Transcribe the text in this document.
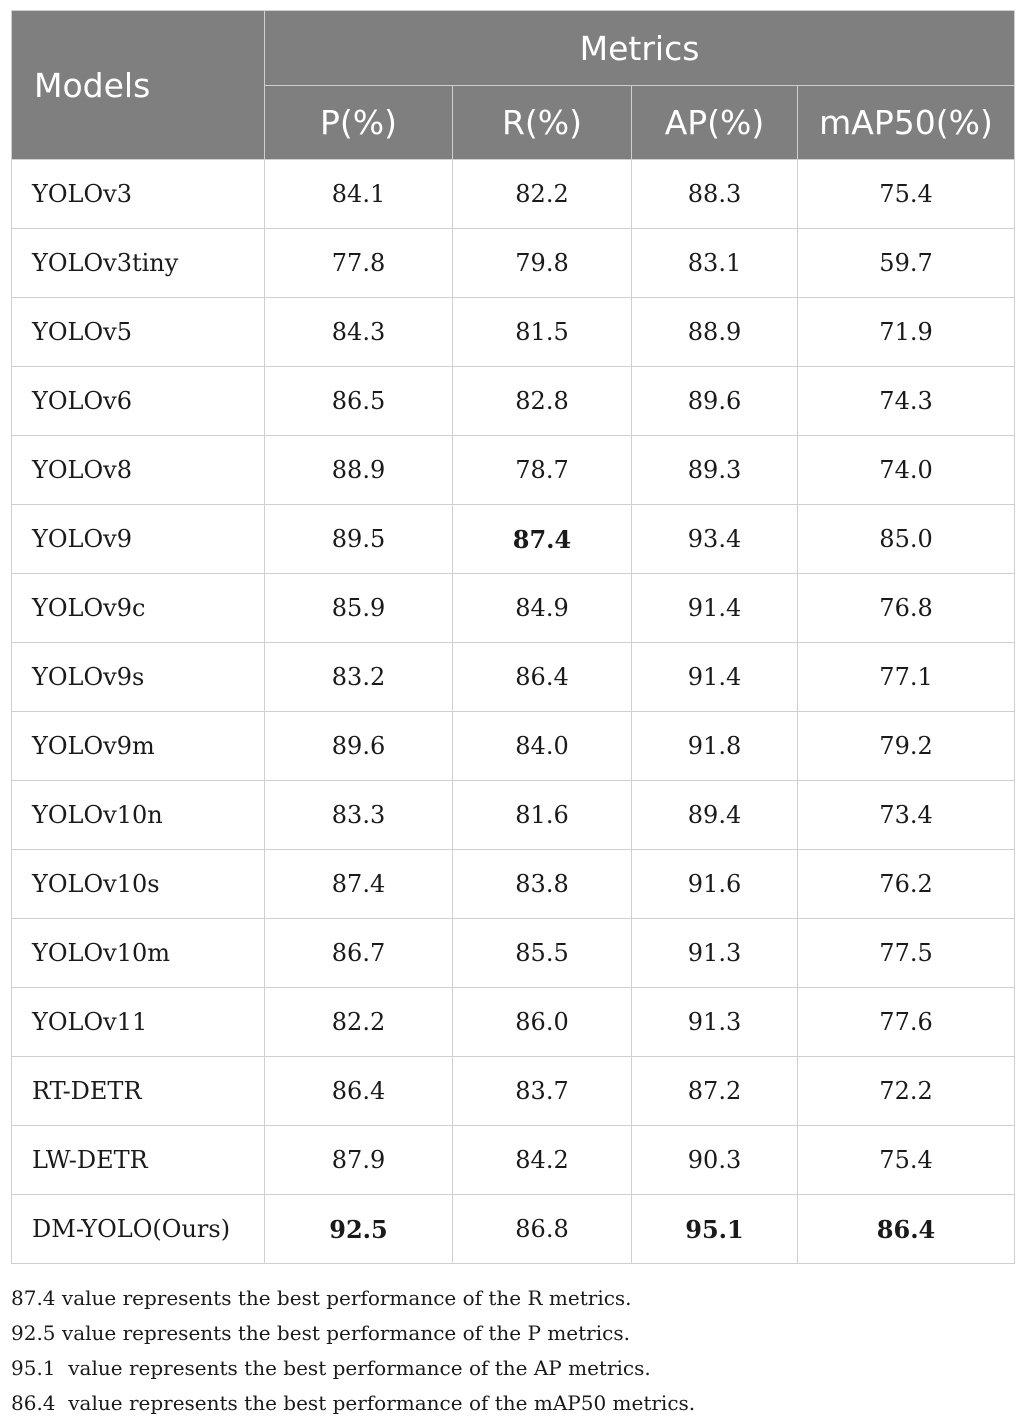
Models	Metrics			
	P(%)	R(%)	AP(%)	mAP50(%)
YOLOv3	84.1	82.2	88.3	75.4
YOLOv3tiny	77.8	79.8	83.1	59.7
YOLOv5	84.3	81.5	88.9	71.9
YOLOv6	86.5	82.8	89.6	74.3
YOLOv8	88.9	78.7	89.3	74.0
YOLOv9	89.5	87.4	93.4	85.0
YOLOv9c	85.9	84.9	91.4	76.8
YOLOv9s	83.2	86.4	91.4	77.1
YOLOv9m	89.6	84.0	91.8	79.2
YOLOv10n	83.3	81.6	89.4	73.4
YOLOv10s	87.4	83.8	91.6	76.2
YOLOv10m	86.7	85.5	91.3	77.5
YOLOv11	82.2	86.0	91.3	77.6
RT-DETR	86.4	83.7	87.2	72.2
LW-DETR	87.9	84.2	90.3	75.4
DM-YOLO(Ours)	92.5	86.8	95.1	86.4
87.4 value represents the best performance of the R metrics.
92.5 value represents the best performance of the P metrics.
95.1  value represents the best performance of the AP metrics.
86.4  value represents the best performance of the mAP50 metrics.
